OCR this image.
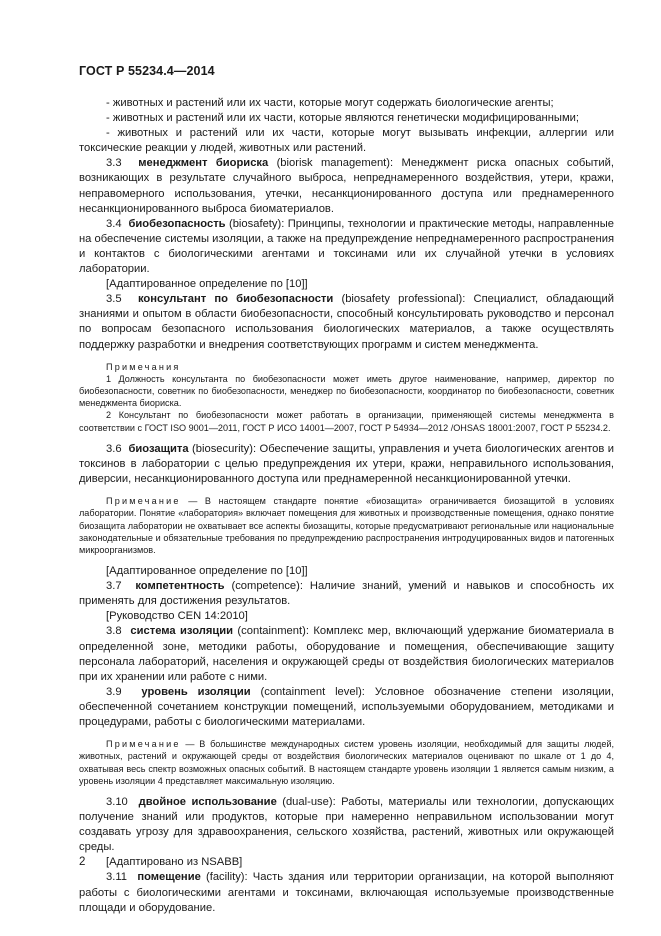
ГОСТ Р 55234.4—2014

- животных и растений или их части, которые могут содержать биологические агенты;

- животных и растений или их части, которые являются генетически модифицированными;

- животных и растений или их части, которые могут вызывать инфекции, аллергии или токсические реакции у людей, животных или растений.

3.3 менеджмент биориска (biorisk management): Менеджмент риска опасных событий, возникающих в результате случайного выброса, непреднамеренного воздействия, утери, кражи, неправомерного использования, утечки, несанкционированного доступа или преднамеренного несанкционированного выброса биоматериалов.

3.4 биобезопасность (biosafety): Принципы, технологии и практические методы, направленные на обеспечение системы изоляции, а также на предупреждение непреднамеренного распространения и контактов с биологическими агентами и токсинами или их случайной утечки в условиях лаборатории.

[Адаптированное определение по [10]]

3.5 консультант по биобезопасности (biosafety professional): Специалист, обладающий знаниями и опытом в области биобезопасности, способный консультировать руководство и персонал по вопросам безопасного использования биологических материалов, а также осуществлять поддержку разработки и внедрения соответствующих программ и систем менеджмента.

Примечания

1 Должность консультанта по биобезопасности может иметь другое наименование, например, директор по биобезопасности, советник по биобезопасности, менеджер по биобезопасности, координатор по биобезопасности, советник менеджмента биориска.

2 Консультант по биобезопасности может работать в организации, применяющей системы менеджмента в соответствии с ГОСТ ISO 9001—2011, ГОСТ Р ИСО 14001—2007, ГОСТ Р 54934—2012 /OHSAS 18001:2007, ГОСТ Р 55234.2.

3.6 биозащита (biosecurity): Обеспечение защиты, управления и учета биологических агентов и токсинов в лаборатории с целью предупреждения их утери, кражи, неправильного использования, диверсии, несанкционированного доступа или преднамеренной несанкционированной утечки.

Примечание — В настоящем стандарте понятие «биозащита» ограничивается биозащитой в условиях лаборатории. Понятие «лаборатория» включает помещения для животных и производственные помещения, однако понятие биозащита лаборатории не охватывает все аспекты биозащиты, которые предусматривают региональные или национальные законодательные и обязательные требования по предупреждению распространения интродуцированных видов и патогенных микроорганизмов.

[Адаптированное определение по [10]]

3.7 компетентность (competence): Наличие знаний, умений и навыков и способность их применять для достижения результатов.

[Руководство CEN 14:2010]

3.8 система изоляции (containment): Комплекс мер, включающий удержание биоматериала в определенной зоне, методики работы, оборудование и помещения, обеспечивающие защиту персонала лабораторий, населения и окружающей среды от воздействия биологических материалов при их хранении или работе с ними.

3.9 уровень изоляции (containment level): Условное обозначение степени изоляции, обеспеченной сочетанием конструкции помещений, используемыми оборудованием, методиками и процедурами, работы с биологическими материалами.

Примечание — В большинстве международных систем уровень изоляции, необходимый для защиты людей, животных, растений и окружающей среды от воздействия биологических материалов оценивают по шкале от 1 до 4, охватывая весь спектр возможных опасных событий. В настоящем стандарте уровень изоляции 1 является самым низким, а уровень изоляции 4 представляет максимальную изоляцию.

3.10 двойное использование (dual-use): Работы, материалы или технологии, допускающих получение знаний или продуктов, которые при намеренно неправильном использовании могут создавать угрозу для здравоохранения, сельского хозяйства, растений, животных или окружающей среды.

[Адаптировано из NSABB]

3.11 помещение (facility): Часть здания или территории организации, на которой выполняют работы с биологическими агентами и токсинами, включающая используемые производственные площади и оборудование.

2
